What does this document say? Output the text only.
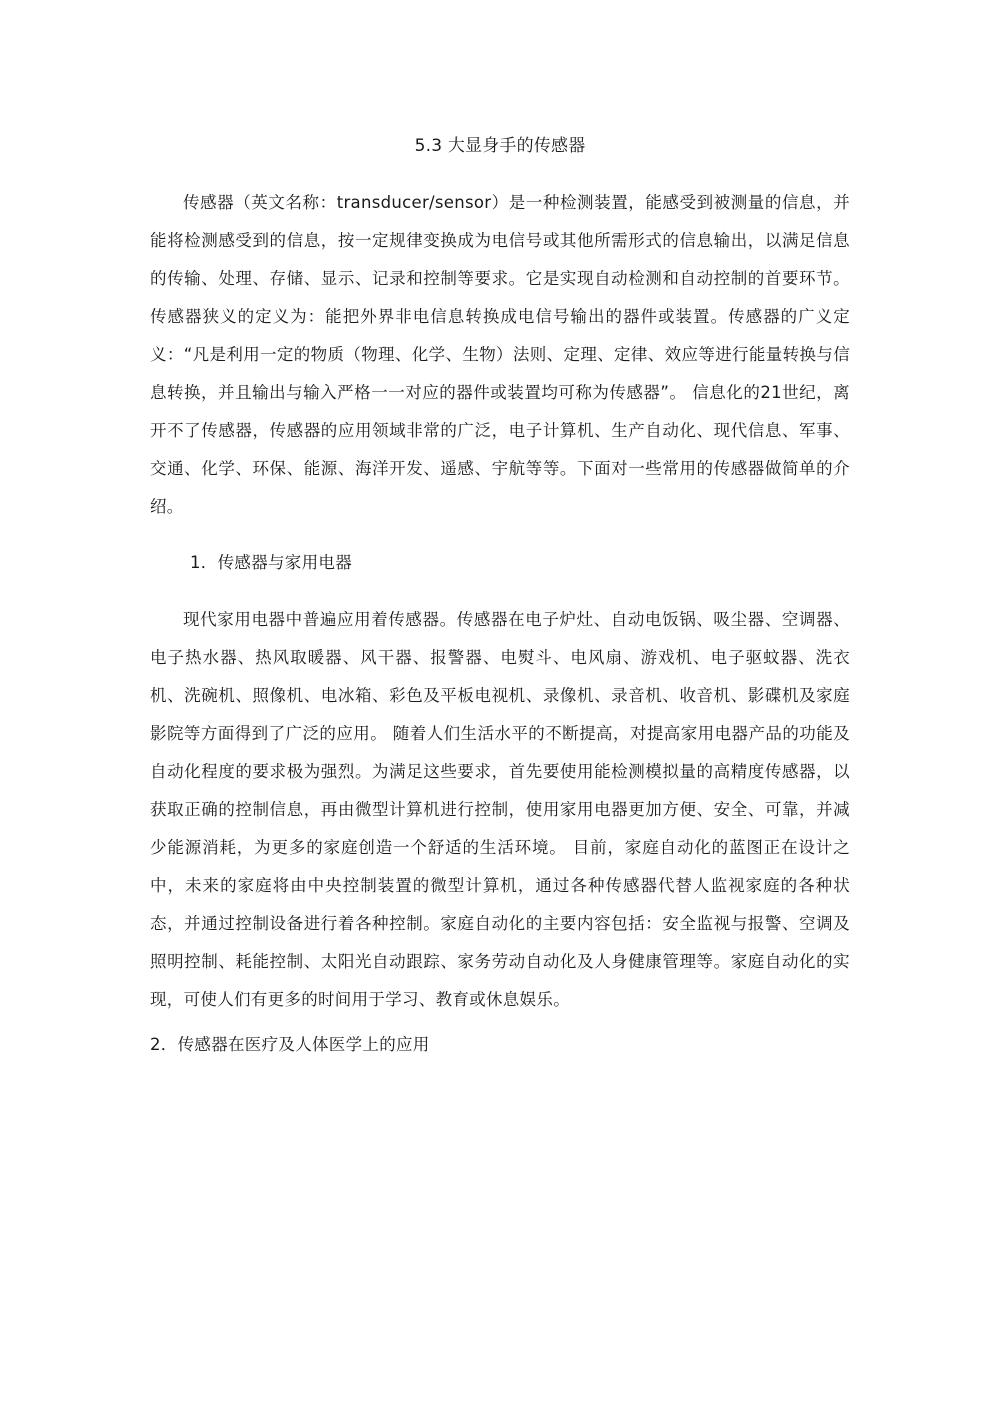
5.3 大显身手的传感器

传感器（英文名称：transducer/sensor）是一种检测装置，能感受到被测量的信息，并能将检测感受到的信息，按一定规律变换成为电信号或其他所需形式的信息输出，以满足信息的传输、处理、存储、显示、记录和控制等要求。它是实现自动检测和自动控制的首要环节。 传感器狭义的定义为：能把外界非电信息转换成电信号输出的器件或装置。传感器的广义定义：“凡是利用一定的物质（物理、化学、生物）法则、定理、定律、效应等进行能量转换与信息转换，并且输出与输入严格一一对应的器件或装置均可称为传感器”。 信息化的21世纪，离开不了传感器，传感器的应用领域非常的广泛，电子计算机、生产自动化、现代信息、军事、交通、化学、环保、能源、海洋开发、遥感、宇航等等。下面对一些常用的传感器做简单的介绍。

1．传感器与家用电器

现代家用电器中普遍应用着传感器。传感器在电子炉灶、自动电饭锅、吸尘器、空调器、电子热水器、热风取暖器、风干器、报警器、电熨斗、电风扇、游戏机、电子驱蚊器、洗衣机、洗碗机、照像机、电冰箱、彩色及平板电视机、录像机、录音机、收音机、影碟机及家庭影院等方面得到了广泛的应用。 随着人们生活水平的不断提高，对提高家用电器产品的功能及自动化程度的要求极为强烈。为满足这些要求，首先要使用能检测模拟量的高精度传感器，以获取正确的控制信息，再由微型计算机进行控制，使用家用电器更加方便、安全、可靠，并减少能源消耗，为更多的家庭创造一个舒适的生活环境。 目前，家庭自动化的蓝图正在设计之中，未来的家庭将由中央控制装置的微型计算机，通过各种传感器代替人监视家庭的各种状态，并通过控制设备进行着各种控制。家庭自动化的主要内容包括：安全监视与报警、空调及照明控制、耗能控制、太阳光自动跟踪、家务劳动自动化及人身健康管理等。家庭自动化的实现，可使人们有更多的时间用于学习、教育或休息娱乐。

2．传感器在医疗及人体医学上的应用
